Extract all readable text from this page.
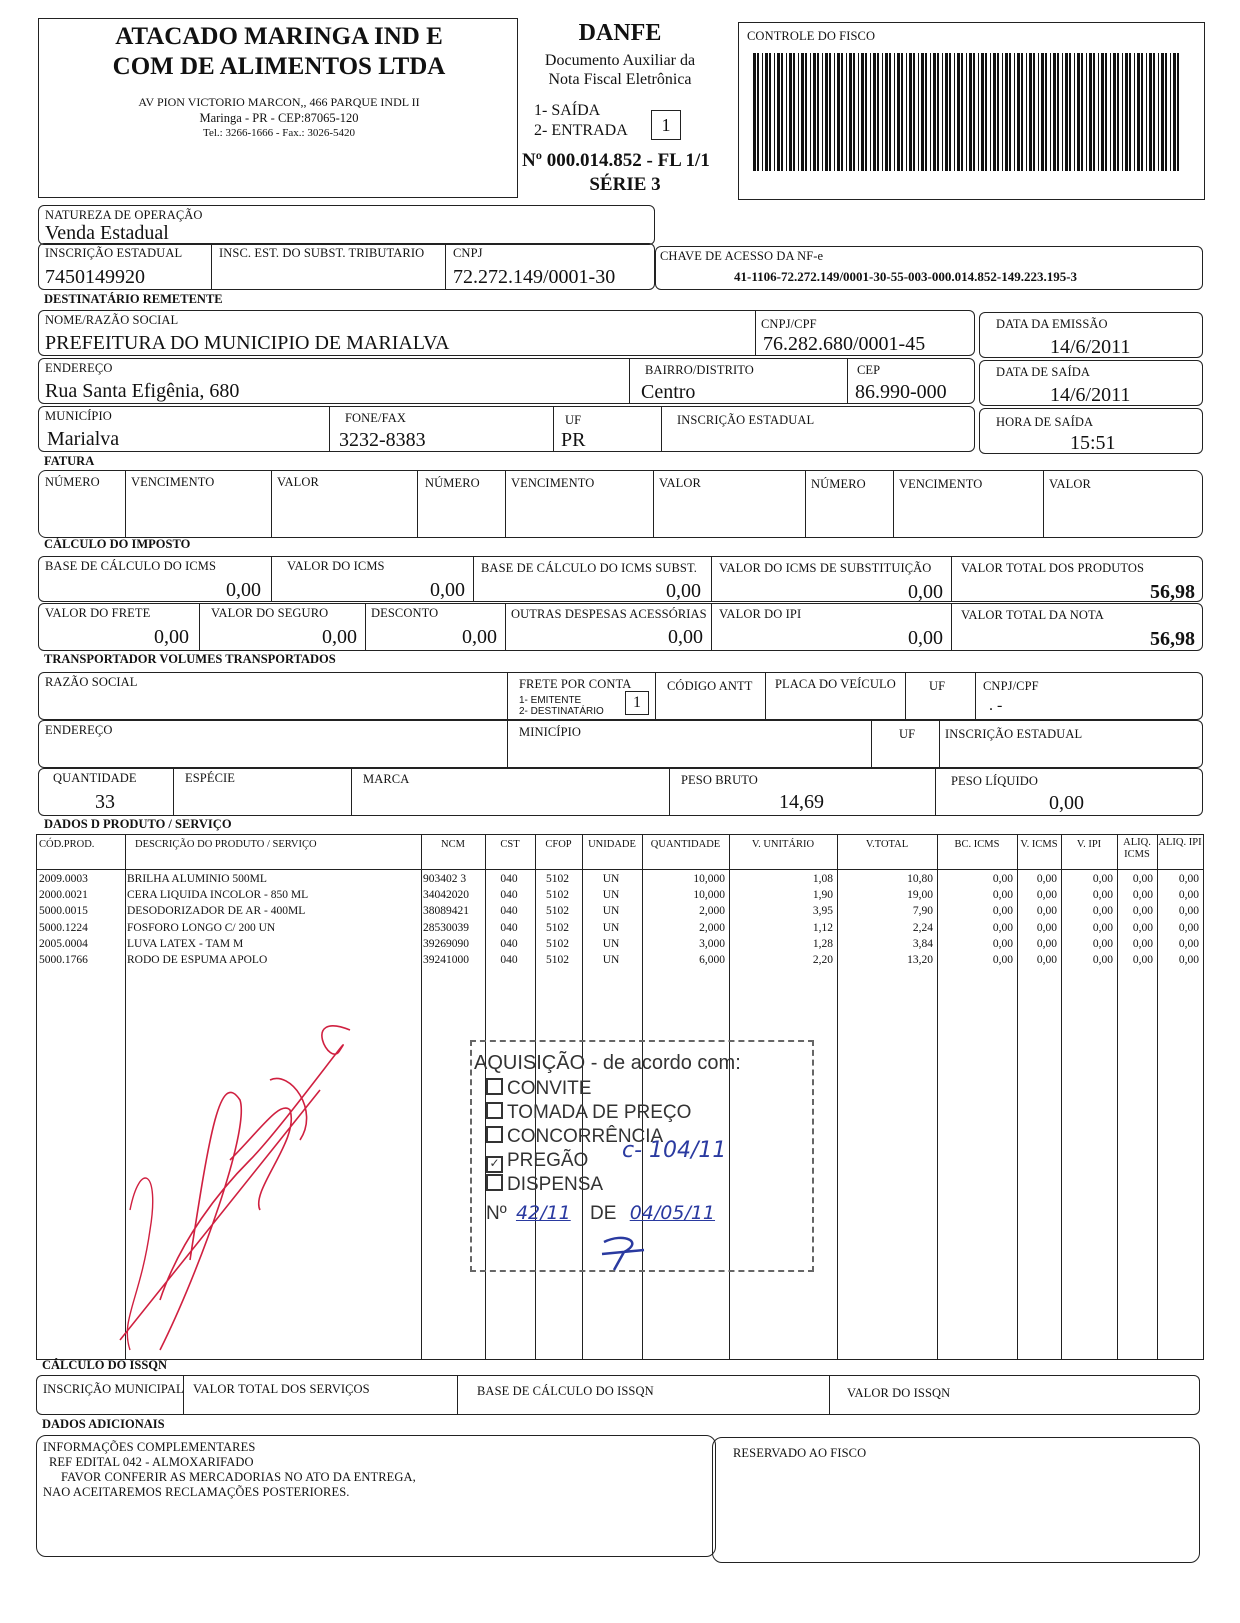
ATACADO MARINGA IND E
COM DE ALIMENTOS LTDA
AV PION VICTORIO MARCON,, 466 PARQUE INDL II
Maringa - PR - CEP:87065-120
Tel.: 3266-1666 - Fax.: 3026-5420
DANFE
Documento Auxiliar da
Nota Fiscal Eletrônica
1- SAÍDA
2- ENTRADA	1
Nº 000.014.852 - FL 1/1
SÉRIE 3
CONTROLE DO FISCO
NATUREZA DE OPERAÇÃO
Venda Estadual
INSCRIÇÃO ESTADUAL
7450149920
INSC. EST. DO SUBST. TRIBUTARIO CNPJ
72.272.149/0001-30
CHAVE DE ACESSO DA NF-e
41-1106-72.272.149/0001-30-55-003-000.014.852-149.223.195-3
DESTINATÁRIO REMETENTE
NOME/RAZÃO SOCIAL
PREFEITURA DO MUNICIPIO DE MARIALVA
CNPJ/CPF
76.282.680/0001-45
DATA DA EMISSÃO
14/6/2011
ENDEREÇO
Rua Santa Efigênia, 680
BAIRRO/DISTRITO
Centro
CEP
86.990-000
DATA DE SAÍDA
14/6/2011
MUNICÍPIO
Marialva
FONE/FAX
3232-8383
UF
PR
INSCRIÇÃO ESTADUAL	HORA DE SAÍDA
15:51
FATURA
NÚMERO VENCIMENTO	VALOR	NÚMERO VENCIMENTO	VALOR	NÚMERO	VENCIMENTO	VALOR
CÁLCULO DO IMPOSTO
BASE DE CÁLCULO DO ICMS
0,00
VALOR DO ICMS
0,00
BASE DE CÁLCULO DO ICMS SUBST.
0,00
VALOR DO ICMS DE SUBSTITUIÇÃO
0,00
VALOR TOTAL DOS PRODUTOS
56,98
VALOR DO FRETE
0,00
VALOR DO SEGURO
0,00
DESCONTO
0,00
OUTRAS DESPESAS ACESSÓRIAS
0,00
VALOR DO IPI
0,00
VALOR TOTAL DA NOTA
56,98
TRANSPORTADOR VOLUMES TRANSPORTADOS
RAZÃO SOCIAL	FRETE POR CONTA
1- EMITENTE
2- DESTINATÁRIO
1
CÓDIGO ANTT PLACA DO VEÍCULO	UF	CNPJ/CPF
. -
ENDEREÇO	MINICÍPIO	UF INSCRIÇÃO ESTADUAL
QUANTIDADE
33
ESPÉCIE	MARCA	PESO BRUTO
14,69
PESO LÍQUIDO
0,00
DADOS D PRODUTO / SERVIÇO
CÓD.PROD.	DESCRIÇÃO DO PRODUTO / SERVIÇO	NCM	CST	CFOP	UNIDADE	QUANTIDADE	V. UNITÁRIO	V.TOTAL	BC. ICMS	V. ICMS	V. IPI	ALIQ. ICMS
ALIQ. IPI
2009.0003	BRILHA ALUMINIO 500ML	903402 3	040	5102	UN	10,000	1,08	10,80	0,00	0,00	0,00	0,00	0,00
2000.0021	CERA LIQUIDA INCOLOR - 850 ML	34042020	040	5102	UN	10,000	1,90	19,00	0,00	0,00	0,00	0,00	0,00
5000.0015	DESODORIZADOR DE AR - 400ML	38089421	040	5102	UN	2,000	3,95	7,90	0,00	0,00	0,00	0,00	0,00
5000.1224	FOSFORO LONGO C/ 200 UN	28530039	040	5102	UN	2,000	1,12	2,24	0,00	0,00	0,00	0,00	0,00
2005.0004	LUVA LATEX - TAM M	39269090	040	5102	UN	3,000	1,28	3,84	0,00	0,00	0,00	0,00	0,00
5000.1766	RODO DE ESPUMA APOLO	39241000	040	5102	UN	6,000	2,20	13,20	0,00	0,00	0,00	0,00	0,00
AQUISIÇÃO - de acordo com:
CONVITE
TOMADA DE PREÇO
CONCORRÊNCIA
✓ PREGÃO c- 104/11
DISPENSA
Nº 42/11 DE 04/05/11
CÁLCULO DO ISSQN
INSCRIÇÃO MUNICIPAL VALOR TOTAL DOS SERVIÇOS	BASE DE CÁLCULO DO ISSQN	VALOR DO ISSQN
DADOS ADICIONAIS
INFORMAÇÕES COMPLEMENTARES
REF EDITAL 042 - ALMOXARIFADO
FAVOR CONFERIR AS MERCADORIAS NO ATO DA ENTREGA,
NAO ACEITAREMOS RECLAMAÇÕES POSTERIORES.
RESERVADO AO FISCO
